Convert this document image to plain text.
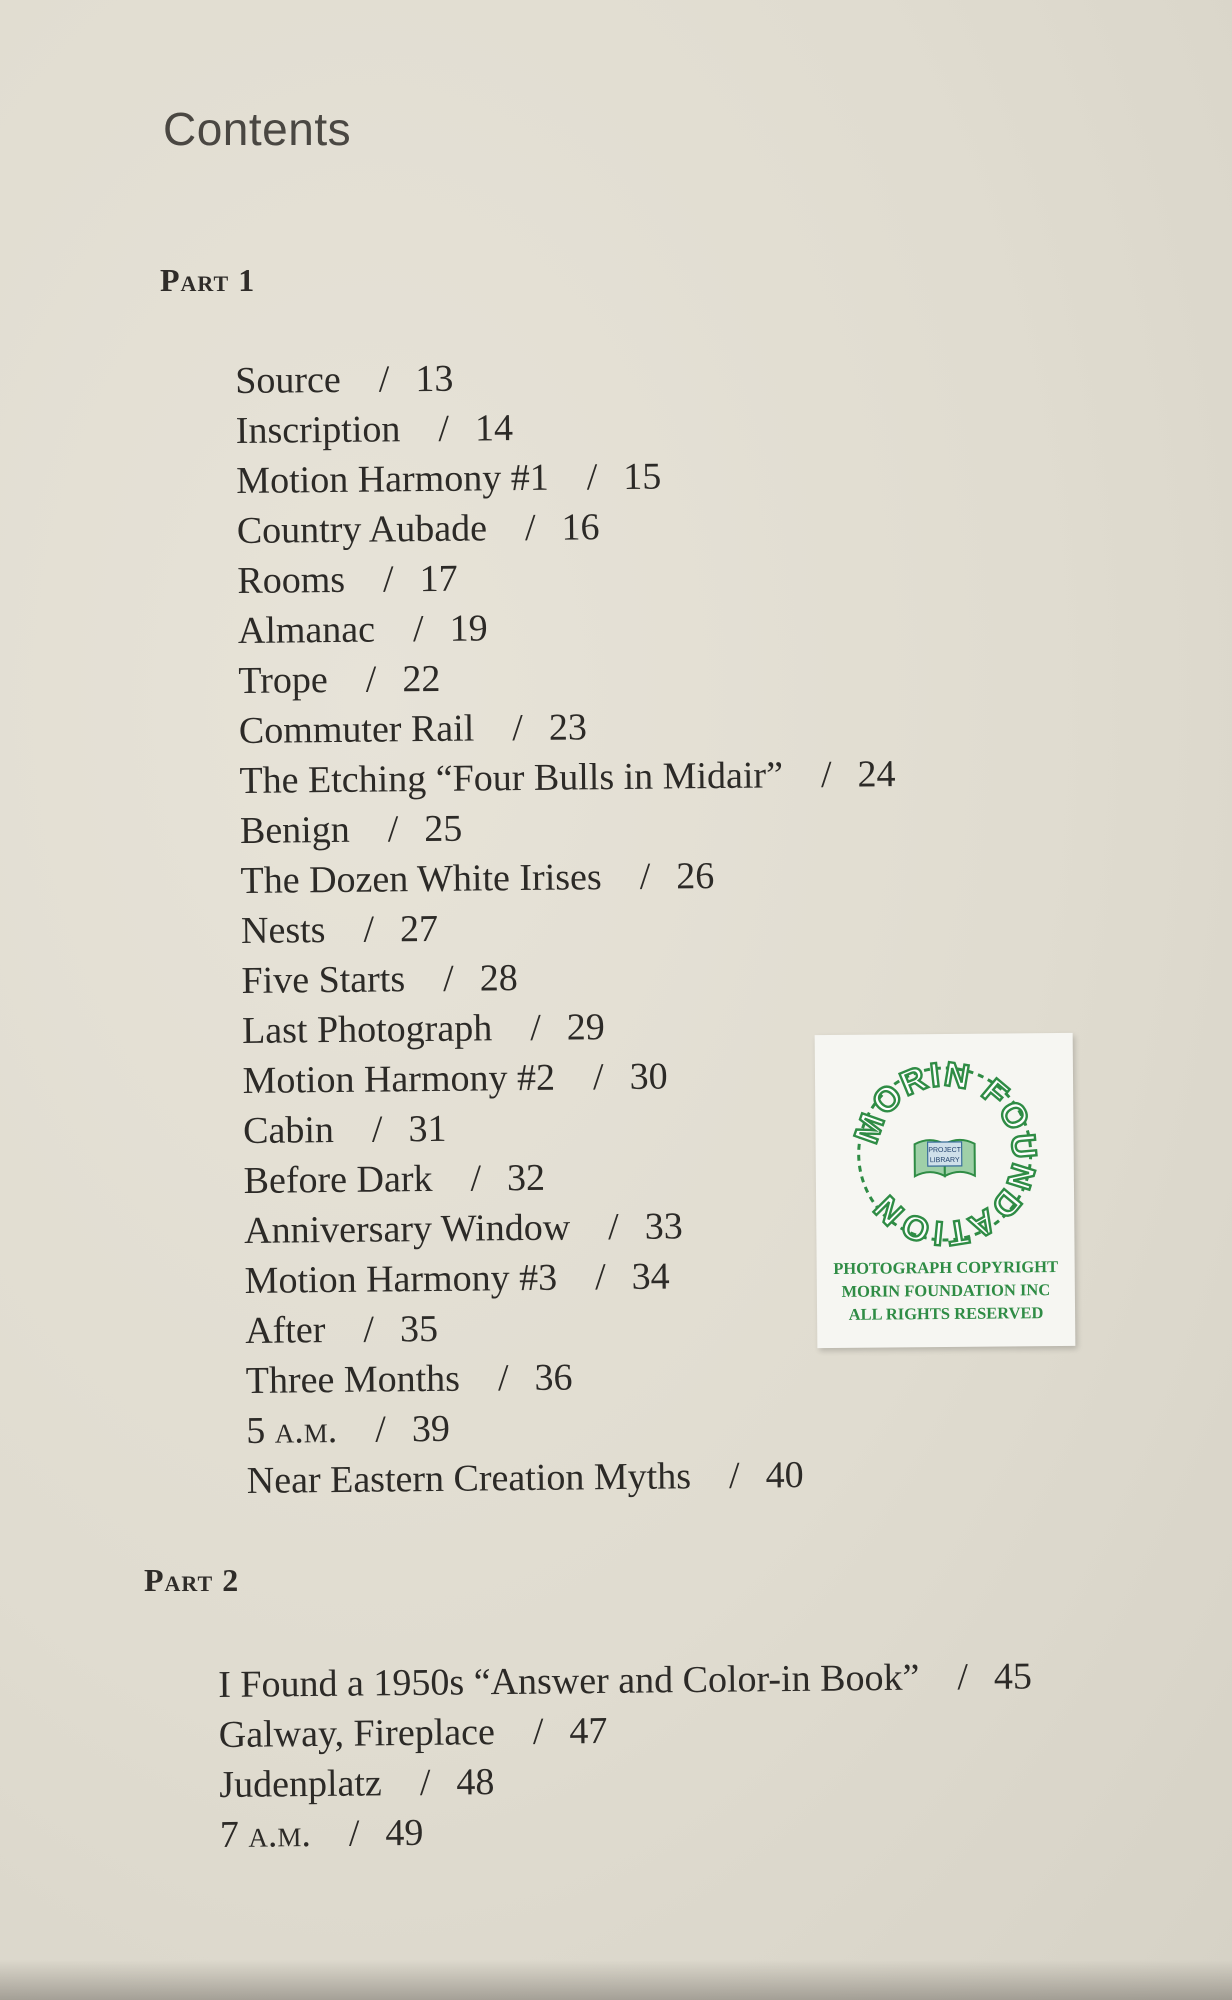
Contents
Part 1
Source / 13
Inscription / 14
Motion Harmony #1 / 15
Country Aubade / 16
Rooms / 17
Almanac / 19
Trope / 22
Commuter Rail / 23
The Etching “Four Bulls in Midair” / 24
Benign / 25
The Dozen White Irises / 26
Nests / 27
Five Starts / 28
Last Photograph / 29
Motion Harmony #2 / 30
Cabin / 31
Before Dark / 32
Anniversary Window / 33
Motion Harmony #3 / 34
After / 35
Three Months / 36
5 a.m. / 39
Near Eastern Creation Myths / 40
Part 2
I Found a 1950s “Answer and Color-in Book” / 45
Galway, Fireplace / 47
Judenplatz / 48
7 a.m. / 49
MORIN FOUNDATION
PROJECT
LIBRARY
PHOTOGRAPH COPYRIGHT
MORIN FOUNDATION INC
ALL RIGHTS RESERVED
